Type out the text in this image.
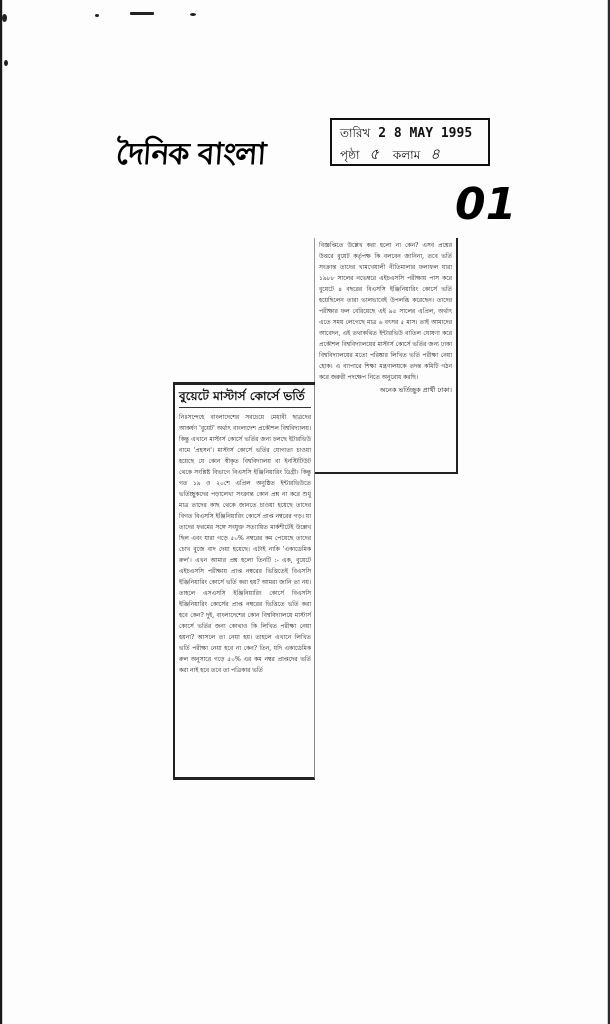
দৈনিক বাংলা
তারিখ 2 8 MAY 1995
পৃষ্ঠা ৫ কলাম ৪
01
বিজ্ঞপ্তিতে উল্লেখ করা হলো না কেন? এসব প্রশ্নের উত্তরে বুয়েট কর্তৃপক্ষ কি বলবেন জানিনা, তবে ভর্তি সংক্রান্ত তাদের খামখেয়ালী নীতিমালার ফলাফল যারা ১৯৮৮ সালের নভেম্বরে এইচএসসি পরীক্ষায় পাস করে বুয়েটে ৪ বছরের বিএসসি ইঞ্জিনিয়ারিং কোর্সে ভর্তি হয়েছিলেন তারা ভালভাবেই উপলব্ধি করেছেন। তাদের পরীক্ষার ফল বেরিয়েছে এই ৯৫ সালের এপ্রিল, অর্থাৎ এতে সময় লেগেছে মাত্র ৬ বৎসর ৫ মাস। তাই আমাদের আবেদন, এই তথাকথিত ইন্টারভিউ বাতিল ঘোষণা করে প্রকৌশল বিশ্ববিদ্যালয়ের মাস্টার্স কোর্সে ভর্তির জন্য ঢাকা বিশ্ববিদ্যালয়ের মতো পরিষ্কার লিখিত ভর্তি পরীক্ষা নেয়া হোক। এ ব্যাপারে শিক্ষা মন্ত্রণালয়কে তদন্ত কমিটি গঠন করে জরুরী পদক্ষেপ নিতে অনুরোধ করছি।
অনেক ভর্তিচ্ছুক প্রার্থী ঢাকা।
বুয়েটে মাস্টার্স কোর্সে ভর্তি
নিঃসন্দেহে বাংলাদেশের সবচেয়ে মেধাবী ছাত্রদের আকর্ষণ 'বুয়েট' অর্থাৎ বাংলাদেশ প্রকৌশল বিশ্ববিদ্যালয়। কিন্তু এখানে মাস্টার্স কোর্সে ভর্তির জন্য চলছে ইটারভিউ নামে 'প্রহসন'। মাস্টার্স কোর্সে ভর্তির যোগ্যতা চাওয়া হয়েছে যে কোন স্বীকৃত বিশ্ববিদ্যালয় বা ইনস্টিটিউট থেকে সংশ্লিষ্ট বিভাগে বিএসসি ইঞ্জিনিয়ারিং ডিগ্রী। কিন্তু গত ১৯ ও ২০শে এপ্রিল অনুষ্ঠিত ইন্টারভিউতে ভর্তিচ্ছুকদের পড়ালেখা সংক্রান্ত কোন প্রশ্ন না করে শুধু মাত্র তাদের কাছ থেকে জানতে চাওয়া হয়েছে তাদের বিগত বিএসসি ইঞ্জিনিয়ারিং কোর্সে প্রাপ্ত নম্বরের গড়। যা তাদের ফরমের সঙ্গে সংযুক্ত সত্যায়িত মার্কশীটেই উল্লেখ ছিল এবং যারা গড়ে ৫০% নম্বরের কম পেয়েছে তাদের চোখ বুজে বাদ দেয়া হয়েছে। এটাই নাকি 'একাডেমিক রুল'। এখন আমার প্রশ্ন হলো তিনটি :- এক, বুয়েটে এইচএসসি পরীক্ষায় প্রাপ্ত নম্বরের ভিত্তিতেই বিএসসি ইঞ্জিনিয়ারিং কোর্সে ভর্তি করা হয়? আমরা জানি তা নয়। তাহলে এসএসসি ইঞ্জিনিয়ারিং কোর্সে বিএসসি ইঞ্জিনিয়ারিং কোর্সের প্রাপ্ত নম্বরের ভিত্তিতে ভর্তি করা হবে কেন? দুই, বাংলাদেশের কোন বিশ্ববিদ্যালয়ে মাস্টার্স কোর্সে ভর্তির জন্য কোথাও কি লিখিত পরীক্ষা নেয়া হয়না? আসলে তা নেয়া হয়। তাহলে এখানে লিখিত ভর্তি পরীক্ষা নেয়া হবে না কেন? তিন, যদি একাডেমিক রুল অনুসারে গড়ে ৫০% এর কম নম্বর প্রাপ্তদের ভর্তি করা নাই হবে তবে তা পত্রিকার ভর্তি
